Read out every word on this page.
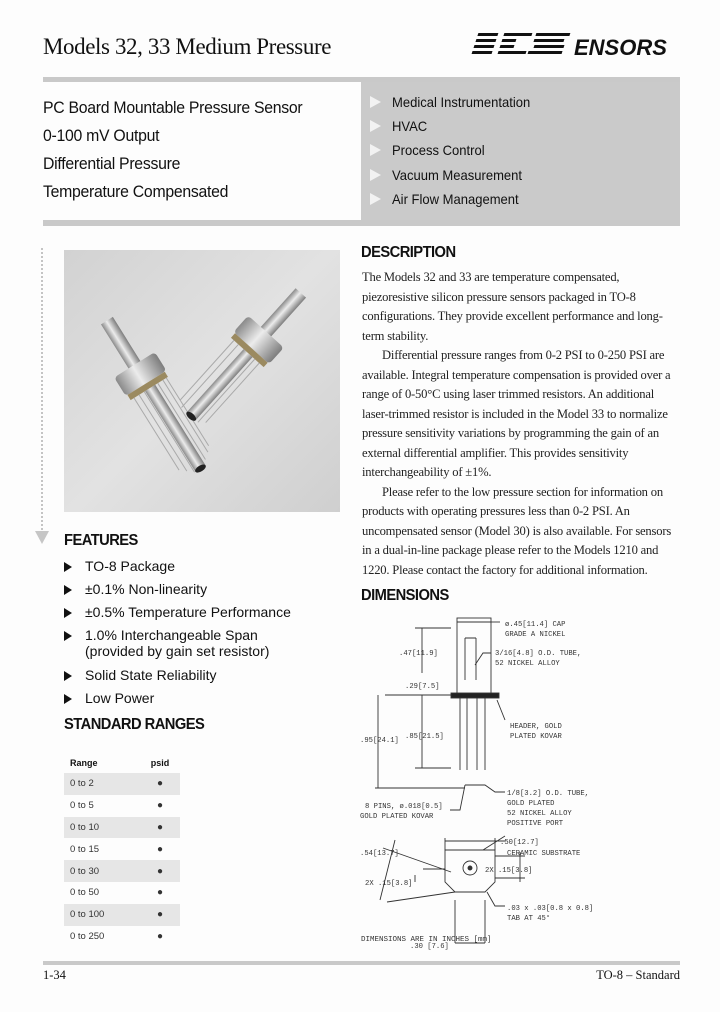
Models 32, 33 Medium Pressure	ENSORS
PC Board Mountable Pressure Sensor
0-100 mV Output
Differential Pressure
Temperature Compensated
Medical Instrumentation
HVAC
Process Control
Vacuum Measurement
Air Flow Management
FEATURES
TO-8 Package
±0.1% Non-linearity
±0.5% Temperature Performance
1.0% Interchangeable Span
(provided by gain set resistor)
Solid State Reliability
Low Power
STANDARD RANGES
Range	psid
0 to 2	●
0 to 5	●
0 to 10	●
0 to 15	●
0 to 30	●
0 to 50	●
0 to 100	●
0 to 250	●
DESCRIPTION

The Models 32 and 33 are temperature compensated, piezoresistive silicon pressure sensors packaged in TO-8 configurations. They provide excellent performance and long-term stability.

Differential pressure ranges from 0-2 PSI to 0-250 PSI are available. Integral temperature compensation is provided over a range of 0-50°C using laser trimmed resistors. An additional laser-trimmed resistor is included in the Model 33 to normalize pressure sensitivity variations by programming the gain of an external differential amplifier. This provides sensitivity interchangeability of ±1%.

Please refer to the low pressure section for information on products with operating pressures less than 0-2 PSI. An uncompensated sensor (Model 30) is also available. For sensors in a dual-in-line package please refer to the Models 1210 and 1220. Please contact the factory for additional information.

DIMENSIONS
ø.45[11.4] CAP
GRADE A NICKEL
3/16[4.8] O.D. TUBE,
52 NICKEL ALLOY
.47[11.9]
.29[7.5]
HEADER, GOLD
PLATED KOVAR
.95[24.1] .85[21.5]
1/8[3.2] O.D. TUBE,
GOLD PLATED
52 NICKEL ALLOY
POSITIVE PORT
8 PINS, ø.018[0.5]
GOLD PLATED KOVAR
.50[12.7]
.54[13.7]	CERAMIC SUBSTRATE
2X .15[3.8]
2X .15[3.8]
.03 x .03[0.8 x 0.8]
TAB AT 45°
.30 [7.6]
DIMENSIONS ARE IN INCHES [mm]
1-34	TO-8 – Standard
